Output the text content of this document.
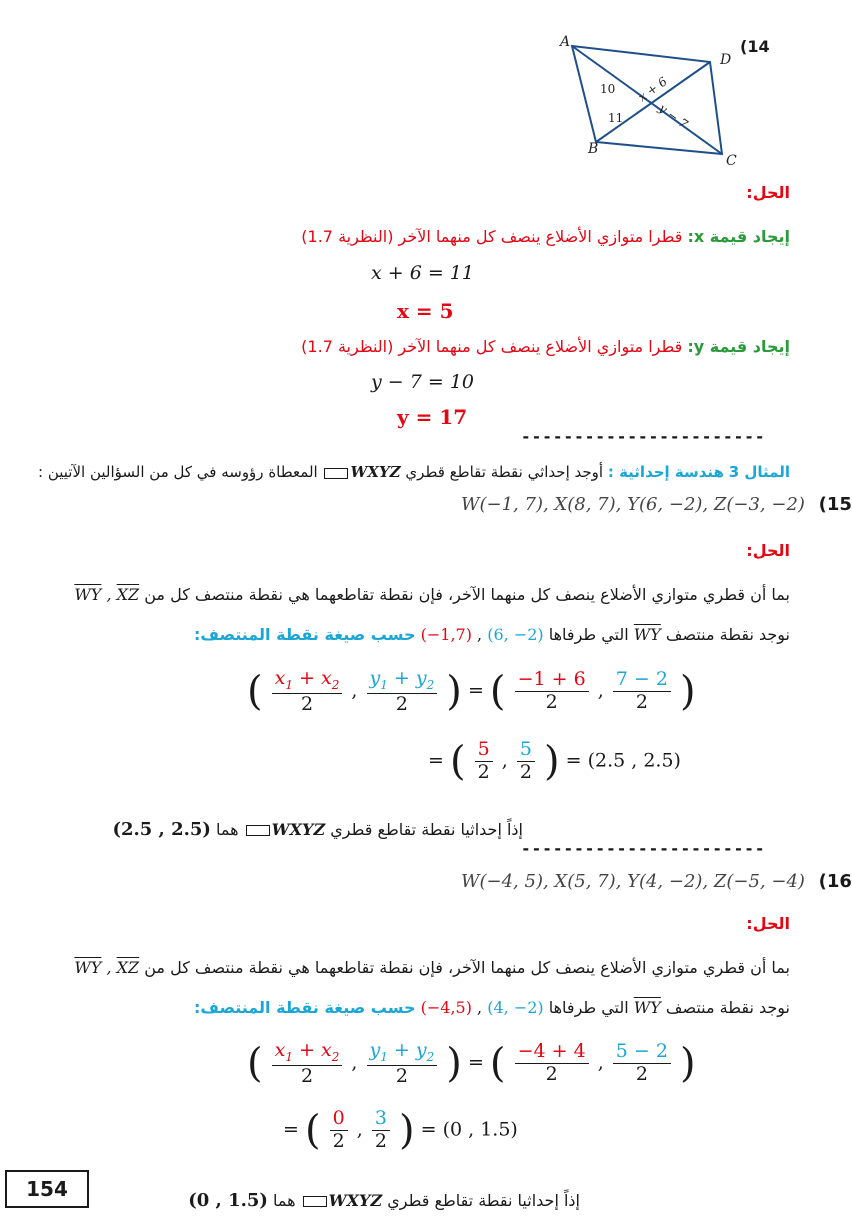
A
D
B
C
10
11
x + 6
y − 7
(14
الحل:
إيجاد قيمة x: قطرا متوازي الأضلاع ينصف كل منهما الآخر (النظرية 1.7)
x + 6 = 11
x = 5
إيجاد قيمة y: قطرا متوازي الأضلاع ينصف كل منهما الآخر (النظرية 1.7)
y − 7 = 10
y = 17
-----------------------
المثال 3 هندسة إحداثية : أوجد إحداثي نقطة تقاطع قطري WXYZ المعطاة رؤوسه في كل من السؤالين الآتيين :
W(−1, 7), X(8, 7), Y(6, −2), Z(−3, −2) (15
الحل:
بما أن قطري متوازي الأضلاع ينصف كل منهما الآخر، فإن نقطة تقاطعهما هي نقطة منتصف كل من $\overline{WY}$ , $\overline{XZ}$
نوجد نقطة منتصف $\overline{WY}$ التي طرفاها (−1,7) , (6, −2) حسب صيغة نقطة المنتصف:
( $\frac{x_1 + x_2}{2}$ , $\frac{y_1 + y_2}{2}$ ) = ( $\frac{-1 + 6}{2}$ , $\frac{7 - 2}{2}$ )
= ( $\frac{5}{2}$ , $\frac{5}{2}$ ) = (2.5 , 2.5)
إذاً إحداثيا نقطة تقاطع قطري WXYZ هما (2.5 , 2.5)
-----------------------
W(−4, 5), X(5, 7), Y(4, −2), Z(−5, −4) (16
الحل:
بما أن قطري متوازي الأضلاع ينصف كل منهما الآخر، فإن نقطة تقاطعهما هي نقطة منتصف كل من $\overline{WY}$ , $\overline{XZ}$
نوجد نقطة منتصف $\overline{WY}$ التي طرفاها (−4,5) , (4, −2) حسب صيغة نقطة المنتصف:
( $\frac{x_1 + x_2}{2}$ , $\frac{y_1 + y_2}{2}$ ) = ( $\frac{-4 + 4}{2}$ , $\frac{5 - 2}{2}$ )
= ( $\frac{0}{2}$ , $\frac{3}{2}$ ) = (0 , 1.5)
إذاً إحداثيا نقطة تقاطع قطري WXYZ هما (0 , 1.5)
154
